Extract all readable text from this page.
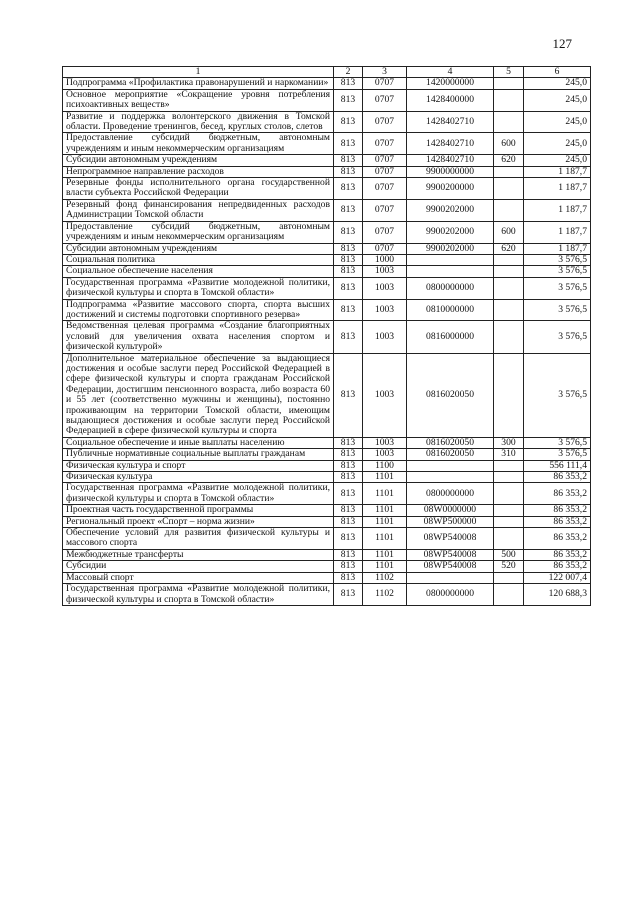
127
1	2	3	4	5	6
Подпрограмма «Профилактика правонарушений и наркомании»	813	0707	1420000000		245,0
Основное мероприятие «Сокращение уровня потребления психоактивных веществ»	813	0707	1428400000		245,0
Развитие и поддержка волонтерского движения в Томской области. Проведение тренингов, бесед, круглых столов, слетов	813	0707	1428402710		245,0
Предоставление субсидий бюджетным, автономным учреждениям и иным некоммерческим организациям	813	0707	1428402710	600	245,0
Субсидии автономным учреждениям	813	0707	1428402710	620	245,0
Непрограммное направление расходов	813	0707	9900000000		1 187,7
Резервные фонды исполнительного органа государственной власти субъекта Российской Федерации	813	0707	9900200000		1 187,7
Резервный фонд финансирования непредвиденных расходов Администрации Томской области	813	0707	9900202000		1 187,7
Предоставление субсидий бюджетным, автономным учреждениям и иным некоммерческим организациям	813	0707	9900202000	600	1 187,7
Субсидии автономным учреждениям	813	0707	9900202000	620	1 187,7
Социальная политика	813	1000			3 576,5
Социальное обеспечение населения	813	1003			3 576,5
Государственная программа «Развитие молодежной политики, физической культуры и спорта в Томской области»	813	1003	0800000000		3 576,5
Подпрограмма «Развитие массового спорта, спорта высших достижений и системы подготовки спортивного резерва»	813	1003	0810000000		3 576,5
Ведомственная целевая программа «Создание благоприятных условий для увеличения охвата населения спортом и физической культурой»	813	1003	0816000000		3 576,5
Дополнительное материальное обеспечение за выдающиеся достижения и особые заслуги перед Российской Федерацией в сфере физической культуры и спорта гражданам Российской Федерации, достигшим пенсионного возраста, либо возраста 60 и 55 лет (соответственно мужчины и женщины), постоянно проживающим на территории Томской области, имеющим выдающиеся достижения и особые заслуги перед Российской Федерацией в сфере физической культуры и спорта	813	1003	0816020050		3 576,5
Социальное обеспечение и иные выплаты населению	813	1003	0816020050	300	3 576,5
Публичные нормативные социальные выплаты гражданам	813	1003	0816020050	310	3 576,5
Физическая культура и спорт	813	1100			556 111,4
Физическая культура	813	1101			86 353,2
Государственная программа «Развитие молодежной политики, физической культуры и спорта в Томской области»	813	1101	0800000000		86 353,2
Проектная часть государственной программы	813	1101	08W0000000		86 353,2
Региональный проект «Спорт – норма жизни»	813	1101	08WP500000		86 353,2
Обеспечение условий для развития физической культуры и массового спорта	813	1101	08WP540008		86 353,2
Межбюджетные трансферты	813	1101	08WP540008	500	86 353,2
Субсидии	813	1101	08WP540008	520	86 353,2
Массовый спорт	813	1102			122 007,4
Государственная программа «Развитие молодежной политики, физической культуры и спорта в Томской области»	813	1102	0800000000		120 688,3
